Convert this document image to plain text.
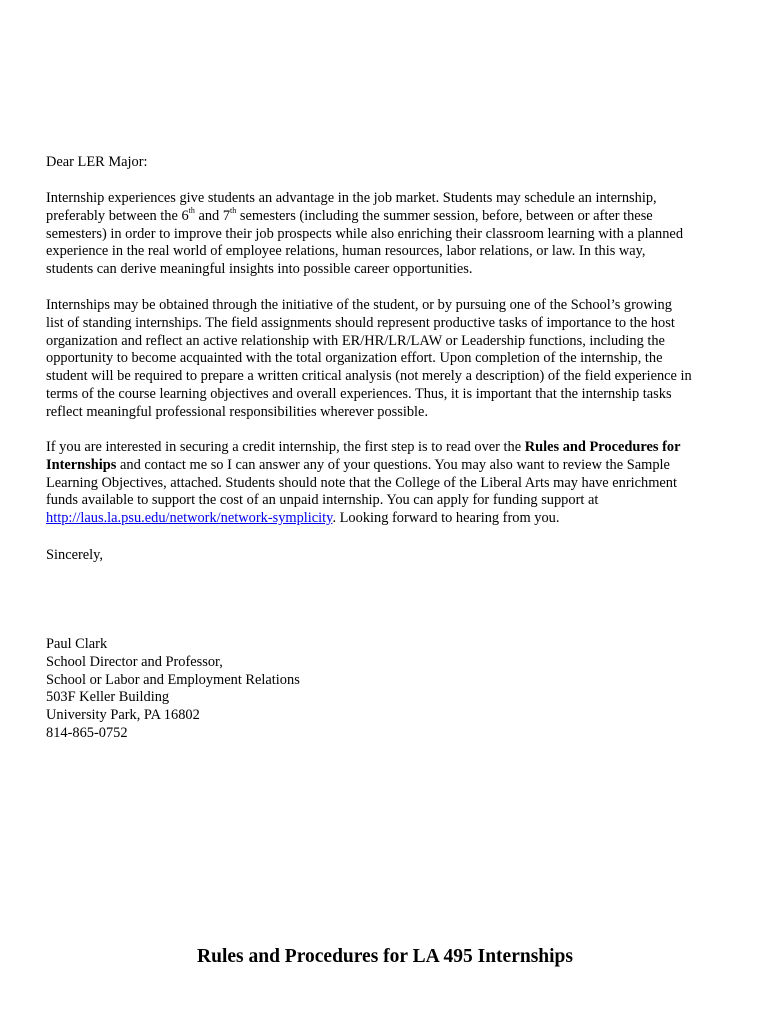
Dear LER Major:

Internship experiences give students an advantage in the job market. Students may schedule an internship,
preferably between the 6th and 7th semesters (including the summer session, before, between or after these
semesters) in order to improve their job prospects while also enriching their classroom learning with a planned
experience in the real world of employee relations, human resources, labor relations, or law. In this way,
students can derive meaningful insights into possible career opportunities.

Internships may be obtained through the initiative of the student, or by pursuing one of the School’s growing
list of standing internships. The field assignments should represent productive tasks of importance to the host
organization and reflect an active relationship with ER/HR/LR/LAW or Leadership functions, including the
opportunity to become acquainted with the total organization effort. Upon completion of the internship, the
student will be required to prepare a written critical analysis (not merely a description) of the field experience in
terms of the course learning objectives and overall experiences. Thus, it is important that the internship tasks
reflect meaningful professional responsibilities wherever possible.

If you are interested in securing a credit internship, the first step is to read over the Rules and Procedures for
Internships and contact me so I can answer any of your questions. You may also want to review the Sample
Learning Objectives, attached. Students should note that the College of the Liberal Arts may have enrichment
funds available to support the cost of an unpaid internship. You can apply for funding support at
http://laus.la.psu.edu/network/network-symplicity. Looking forward to hearing from you.

Sincerely,

Paul Clark
School Director and Professor,
School or Labor and Employment Relations
503F Keller Building
University Park, PA 16802
814-865-0752

Rules and Procedures for LA 495 Internships
